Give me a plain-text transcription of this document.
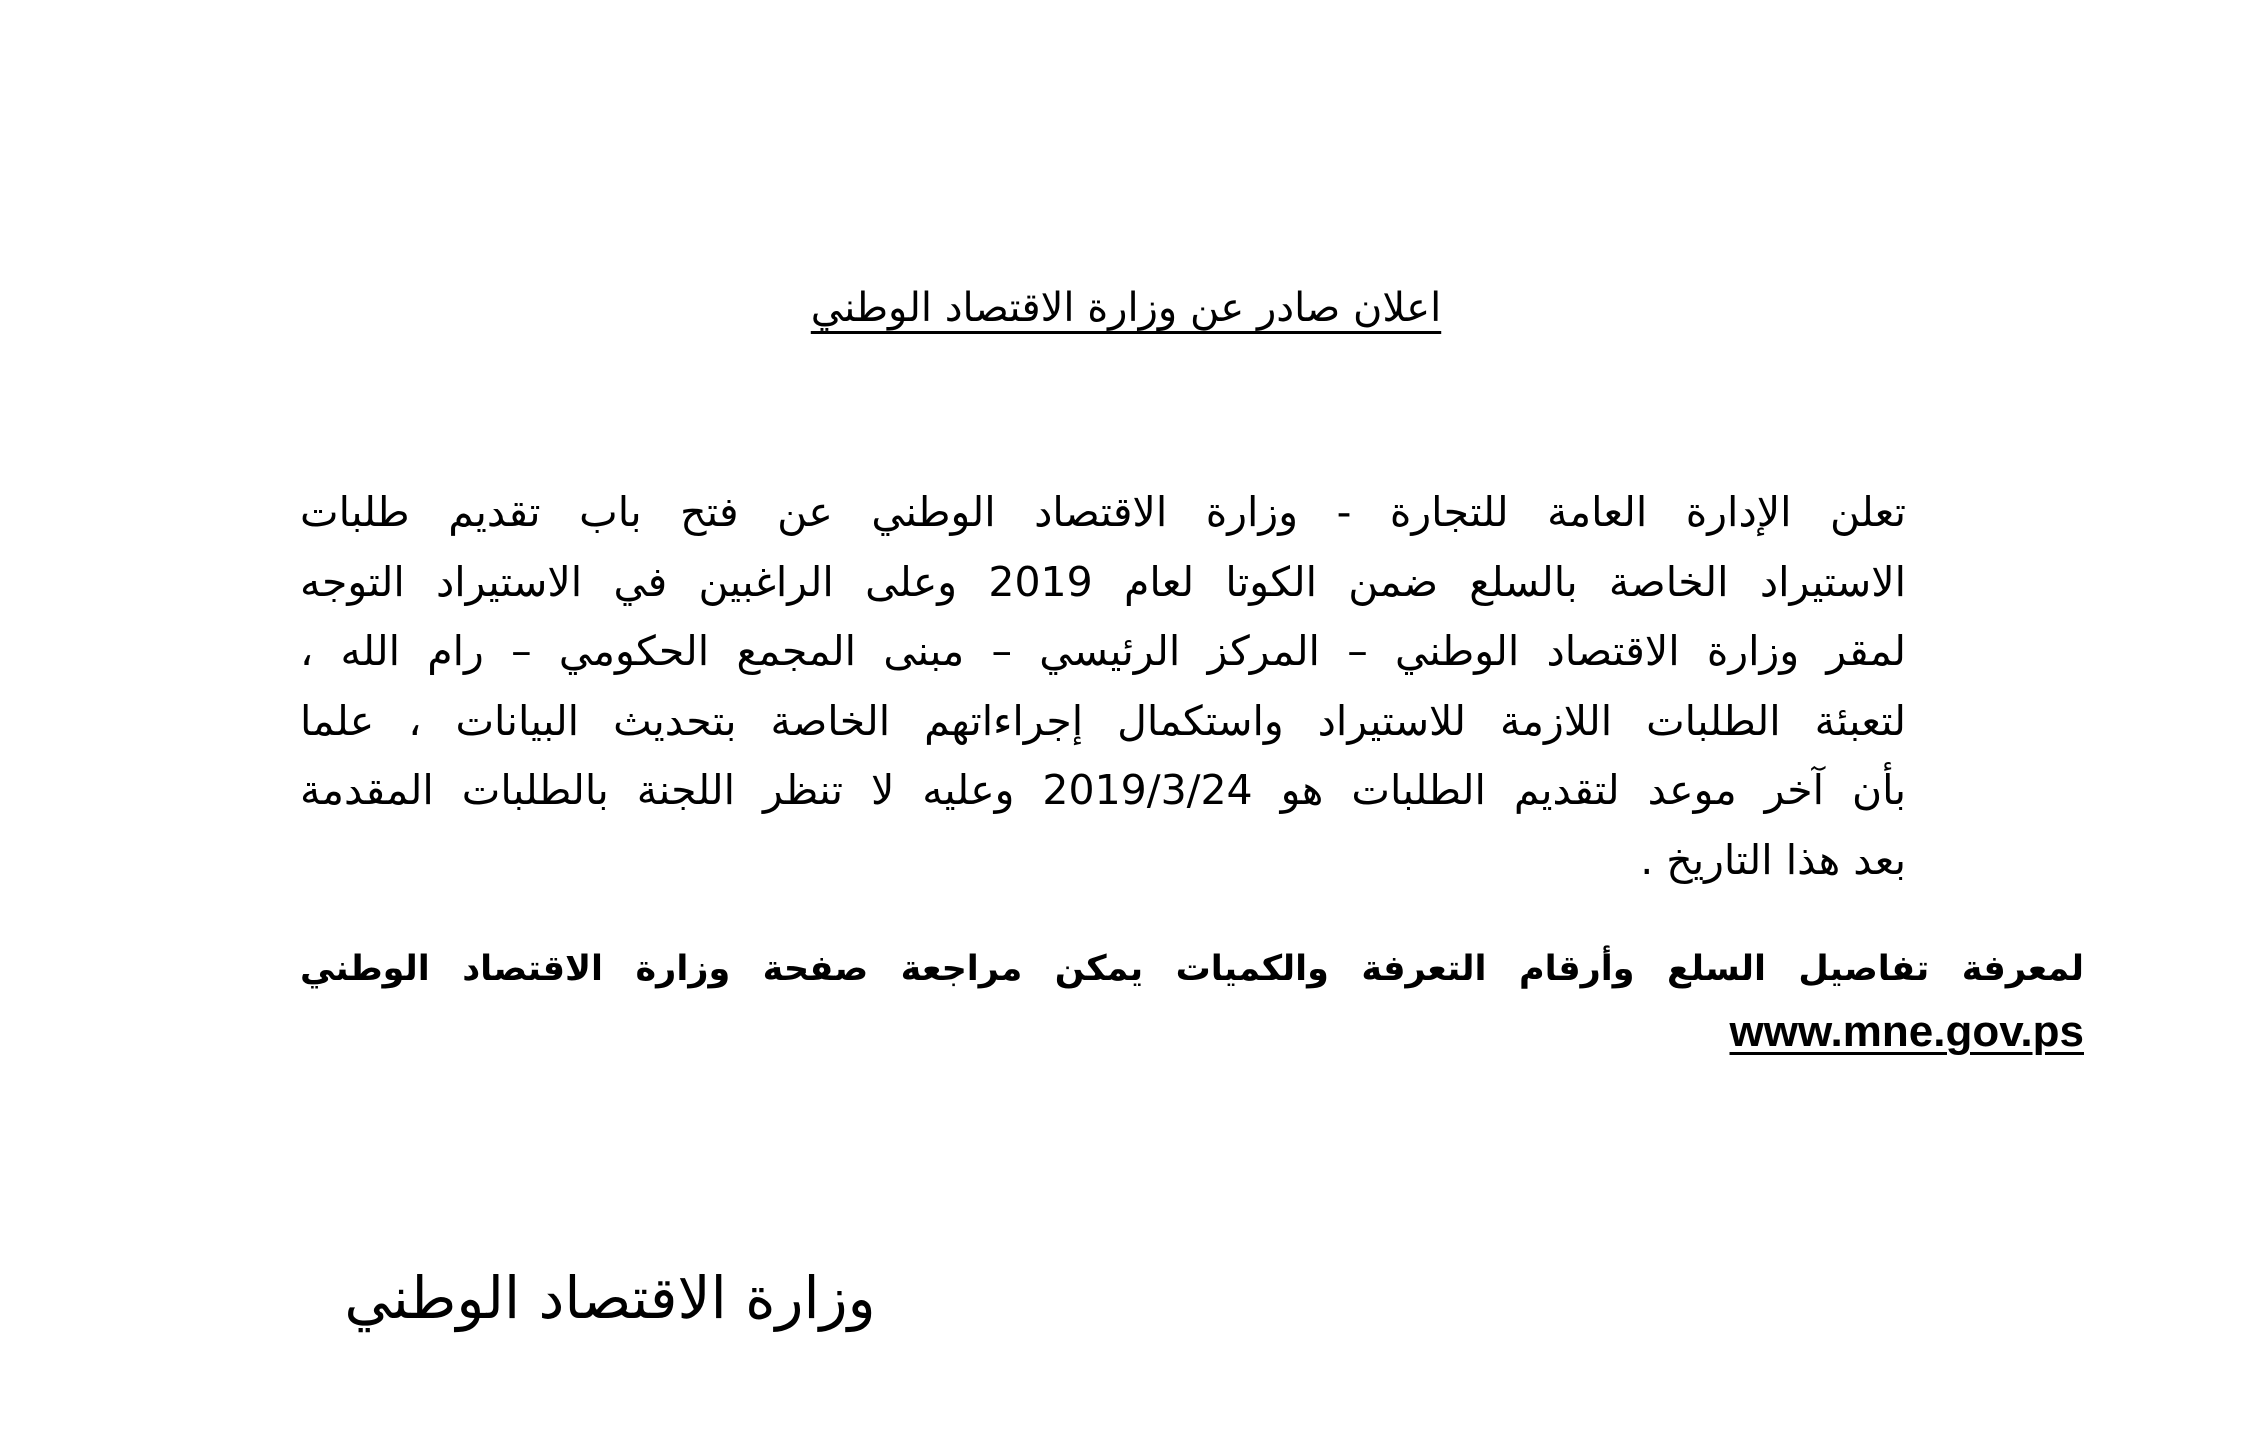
اعلان صادر عن وزارة الاقتصاد الوطني
تعلن الإدارة العامة للتجارة - وزارة الاقتصاد الوطني عن فتح باب تقديم طلبات
الاستيراد الخاصة بالسلع ضمن الكوتا لعام 2019 وعلى الراغبين في الاستيراد التوجه
لمقر وزارة الاقتصاد الوطني – المركز الرئيسي – مبنى المجمع الحكومي – رام الله ،
لتعبئة الطلبات اللازمة للاستيراد واستكمال إجراءاتهم الخاصة بتحديث البيانات ، علما
بأن آخر موعد لتقديم الطلبات هو 2019/3/24 وعليه لا تنظر اللجنة بالطلبات المقدمة
بعد هذا التاريخ .
لمعرفة تفاصيل السلع وأرقام التعرفة والكميات يمكن مراجعة صفحة وزارة الاقتصاد الوطني
www.mne.gov.ps
وزارة الاقتصاد الوطني
